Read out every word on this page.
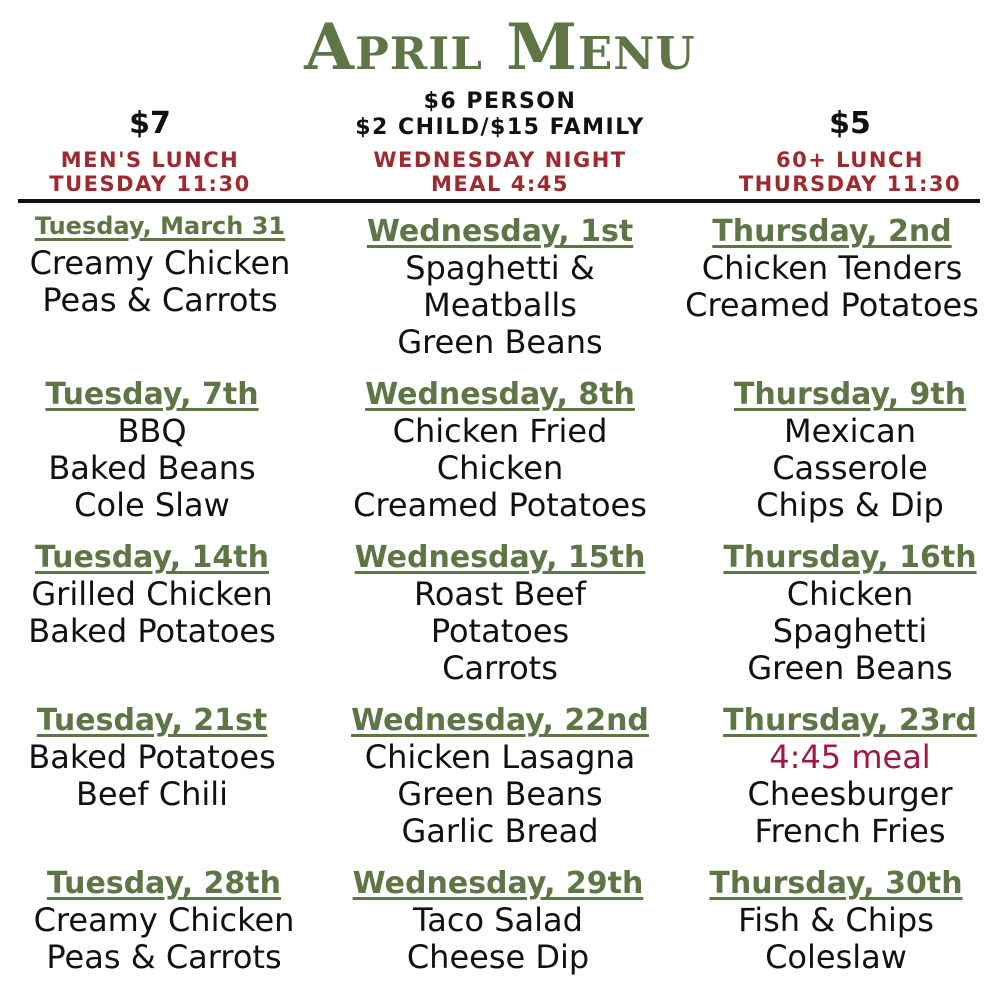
April Menu
$7
MEN'S LUNCH
TUESDAY 11:30
$6 PERSON
$2 CHILD/$15 FAMILY
WEDNESDAY NIGHT
MEAL 4:45
$5
60+ LUNCH
THURSDAY 11:30
Tuesday, March 31
Creamy Chicken
Peas & Carrots
Tuesday, 7th
BBQ
Baked Beans
Cole Slaw
Tuesday, 14th
Grilled Chicken
Baked Potatoes
Tuesday, 21st
Baked Potatoes
Beef Chili
Tuesday, 28th
Creamy Chicken
Peas & Carrots
Wednesday, 1st
Spaghetti &
Meatballs
Green Beans
Wednesday, 8th
Chicken Fried
Chicken
Creamed Potatoes
Wednesday, 15th
Roast Beef
Potatoes
Carrots
Wednesday, 22nd
Chicken Lasagna
Green Beans
Garlic Bread
Wednesday, 29th
Taco Salad
Cheese Dip
Thursday, 2nd
Chicken Tenders
Creamed Potatoes
Thursday, 9th
Mexican
Casserole
Chips & Dip
Thursday, 16th
Chicken
Spaghetti
Green Beans
Thursday, 23rd
4:45 meal
Cheesburger
French Fries
Thursday, 30th
Fish & Chips
Coleslaw
